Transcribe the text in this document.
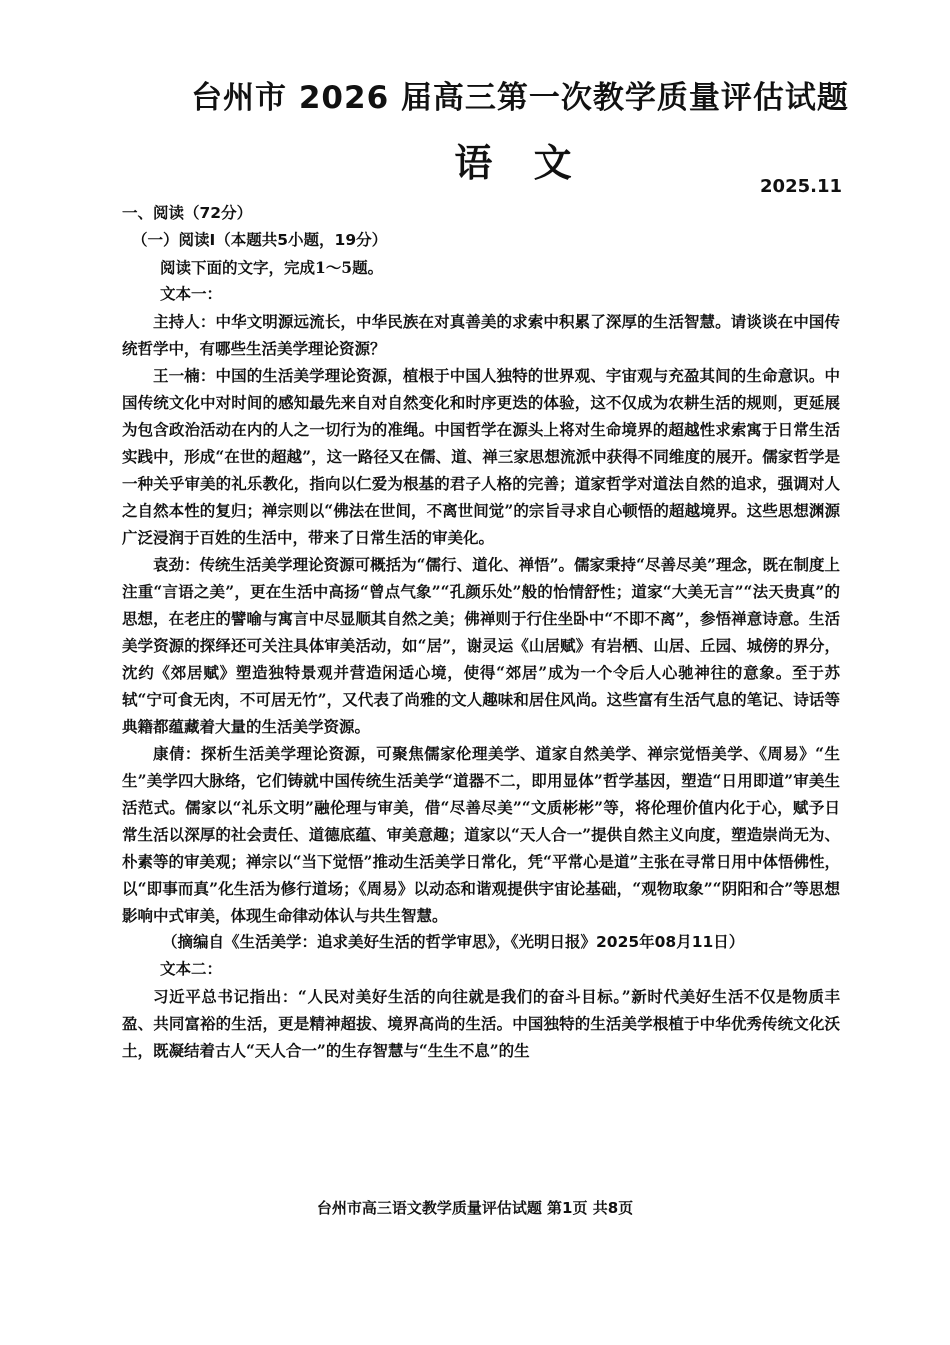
台州市 2026 届高三第一次教学质量评估试题
语 文
2025.11
一、阅读（72分）
（一）阅读Ⅰ（本题共5小题，19分）
阅读下面的文字，完成1～5题。
文本一：

主持人：中华文明源远流长，中华民族在对真善美的求索中积累了深厚的生活智慧。请谈谈在中国传统哲学中，有哪些生活美学理论资源？

王一楠：中国的生活美学理论资源，植根于中国人独特的世界观、宇宙观与充盈其间的生命意识。中国传统文化中对时间的感知最先来自对自然变化和时序更迭的体验，这不仅成为农耕生活的规则，更延展为包含政治活动在内的人之一切行为的准绳。中国哲学在源头上将对生命境界的超越性求索寓于日常生活实践中，形成“在世的超越”，这一路径又在儒、道、禅三家思想流派中获得不同维度的展开。儒家哲学是一种关乎审美的礼乐教化，指向以仁爱为根基的君子人格的完善；道家哲学对道法自然的追求，强调对人之自然本性的复归；禅宗则以“佛法在世间，不离世间觉”的宗旨寻求自心顿悟的超越境界。这些思想渊源广泛浸润于百姓的生活中，带来了日常生活的审美化。

袁劲：传统生活美学理论资源可概括为“儒行、道化、禅悟”。儒家秉持“尽善尽美”理念，既在制度上注重“言语之美”，更在生活中高扬“曾点气象”“孔颜乐处”般的怡情舒性；道家“大美无言”“法天贵真”的思想，在老庄的譬喻与寓言中尽显顺其自然之美；佛禅则于行住坐卧中“不即不离”，参悟禅意诗意。生活美学资源的探绎还可关注具体审美活动，如“居”，谢灵运《山居赋》有岩栖、山居、丘园、城傍的界分，沈约《郊居赋》塑造独特景观并营造闲适心境，使得“郊居”成为一个令后人心驰神往的意象。至于苏轼“宁可食无肉，不可居无竹”，又代表了尚雅的文人趣味和居住风尚。这些富有生活气息的笔记、诗话等典籍都蕴藏着大量的生活美学资源。

康倩：探析生活美学理论资源，可聚焦儒家伦理美学、道家自然美学、禅宗觉悟美学、《周易》“生生”美学四大脉络，它们铸就中国传统生活美学“道器不二，即用显体”哲学基因，塑造“日用即道”审美生活范式。儒家以“礼乐文明”融伦理与审美，借“尽善尽美”“文质彬彬”等，将伦理价值内化于心，赋予日常生活以深厚的社会责任、道德底蕴、审美意趣；道家以“天人合一”提供自然主义向度，塑造崇尚无为、朴素等的审美观；禅宗以“当下觉悟”推动生活美学日常化，凭“平常心是道”主张在寻常日用中体悟佛性，以“即事而真”化生活为修行道场；《周易》以动态和谐观提供宇宙论基础，“观物取象”“阴阳和合”等思想影响中式审美，体现生命律动体认与共生智慧。

（摘编自《生活美学：追求美好生活的哲学审思》，《光明日报》2025年08月11日）
文本二：

习近平总书记指出：“人民对美好生活的向往就是我们的奋斗目标。”新时代美好生活不仅是物质丰盈、共同富裕的生活，更是精神超拔、境界高尚的生活。中国独特的生活美学根植于中华优秀传统文化沃土，既凝结着古人“天人合一”的生存智慧与“生生不息”的生

台州市高三语文教学质量评估试题 第1页 共8页
